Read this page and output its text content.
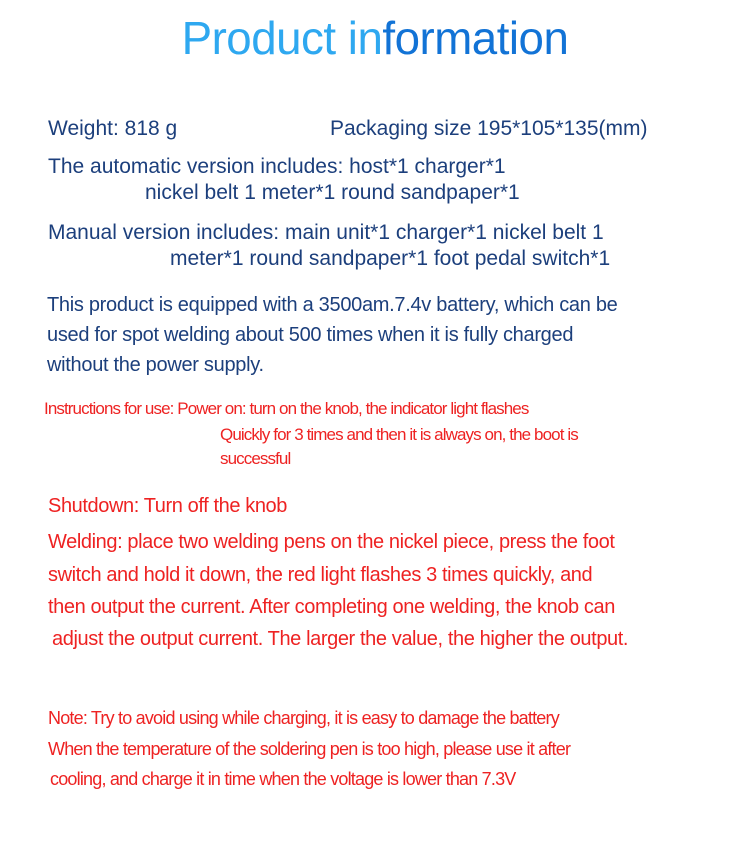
Product information
Weight: 818 g	Packaging size 195*105*135(mm)
The automatic version includes: host*1 charger*1
nickel belt 1 meter*1 round sandpaper*1
Manual version includes: main unit*1 charger*1 nickel belt 1
meter*1 round sandpaper*1 foot pedal switch*1
This product is equipped with a 3500am.7.4v battery, which can be
used for spot welding about 500 times when it is fully charged
without the power supply.
Instructions for use: Power on: turn on the knob, the indicator light flashes
Quickly for 3 times and then it is always on, the boot is
successful
Shutdown: Turn off the knob
Welding: place two welding pens on the nickel piece, press the foot
switch and hold it down, the red light flashes 3 times quickly, and
then output the current. After completing one welding, the knob can
adjust the output current. The larger the value, the higher the output.
Note: Try to avoid using while charging, it is easy to damage the battery
When the temperature of the soldering pen is too high, please use it after
cooling, and charge it in time when the voltage is lower than 7.3V
